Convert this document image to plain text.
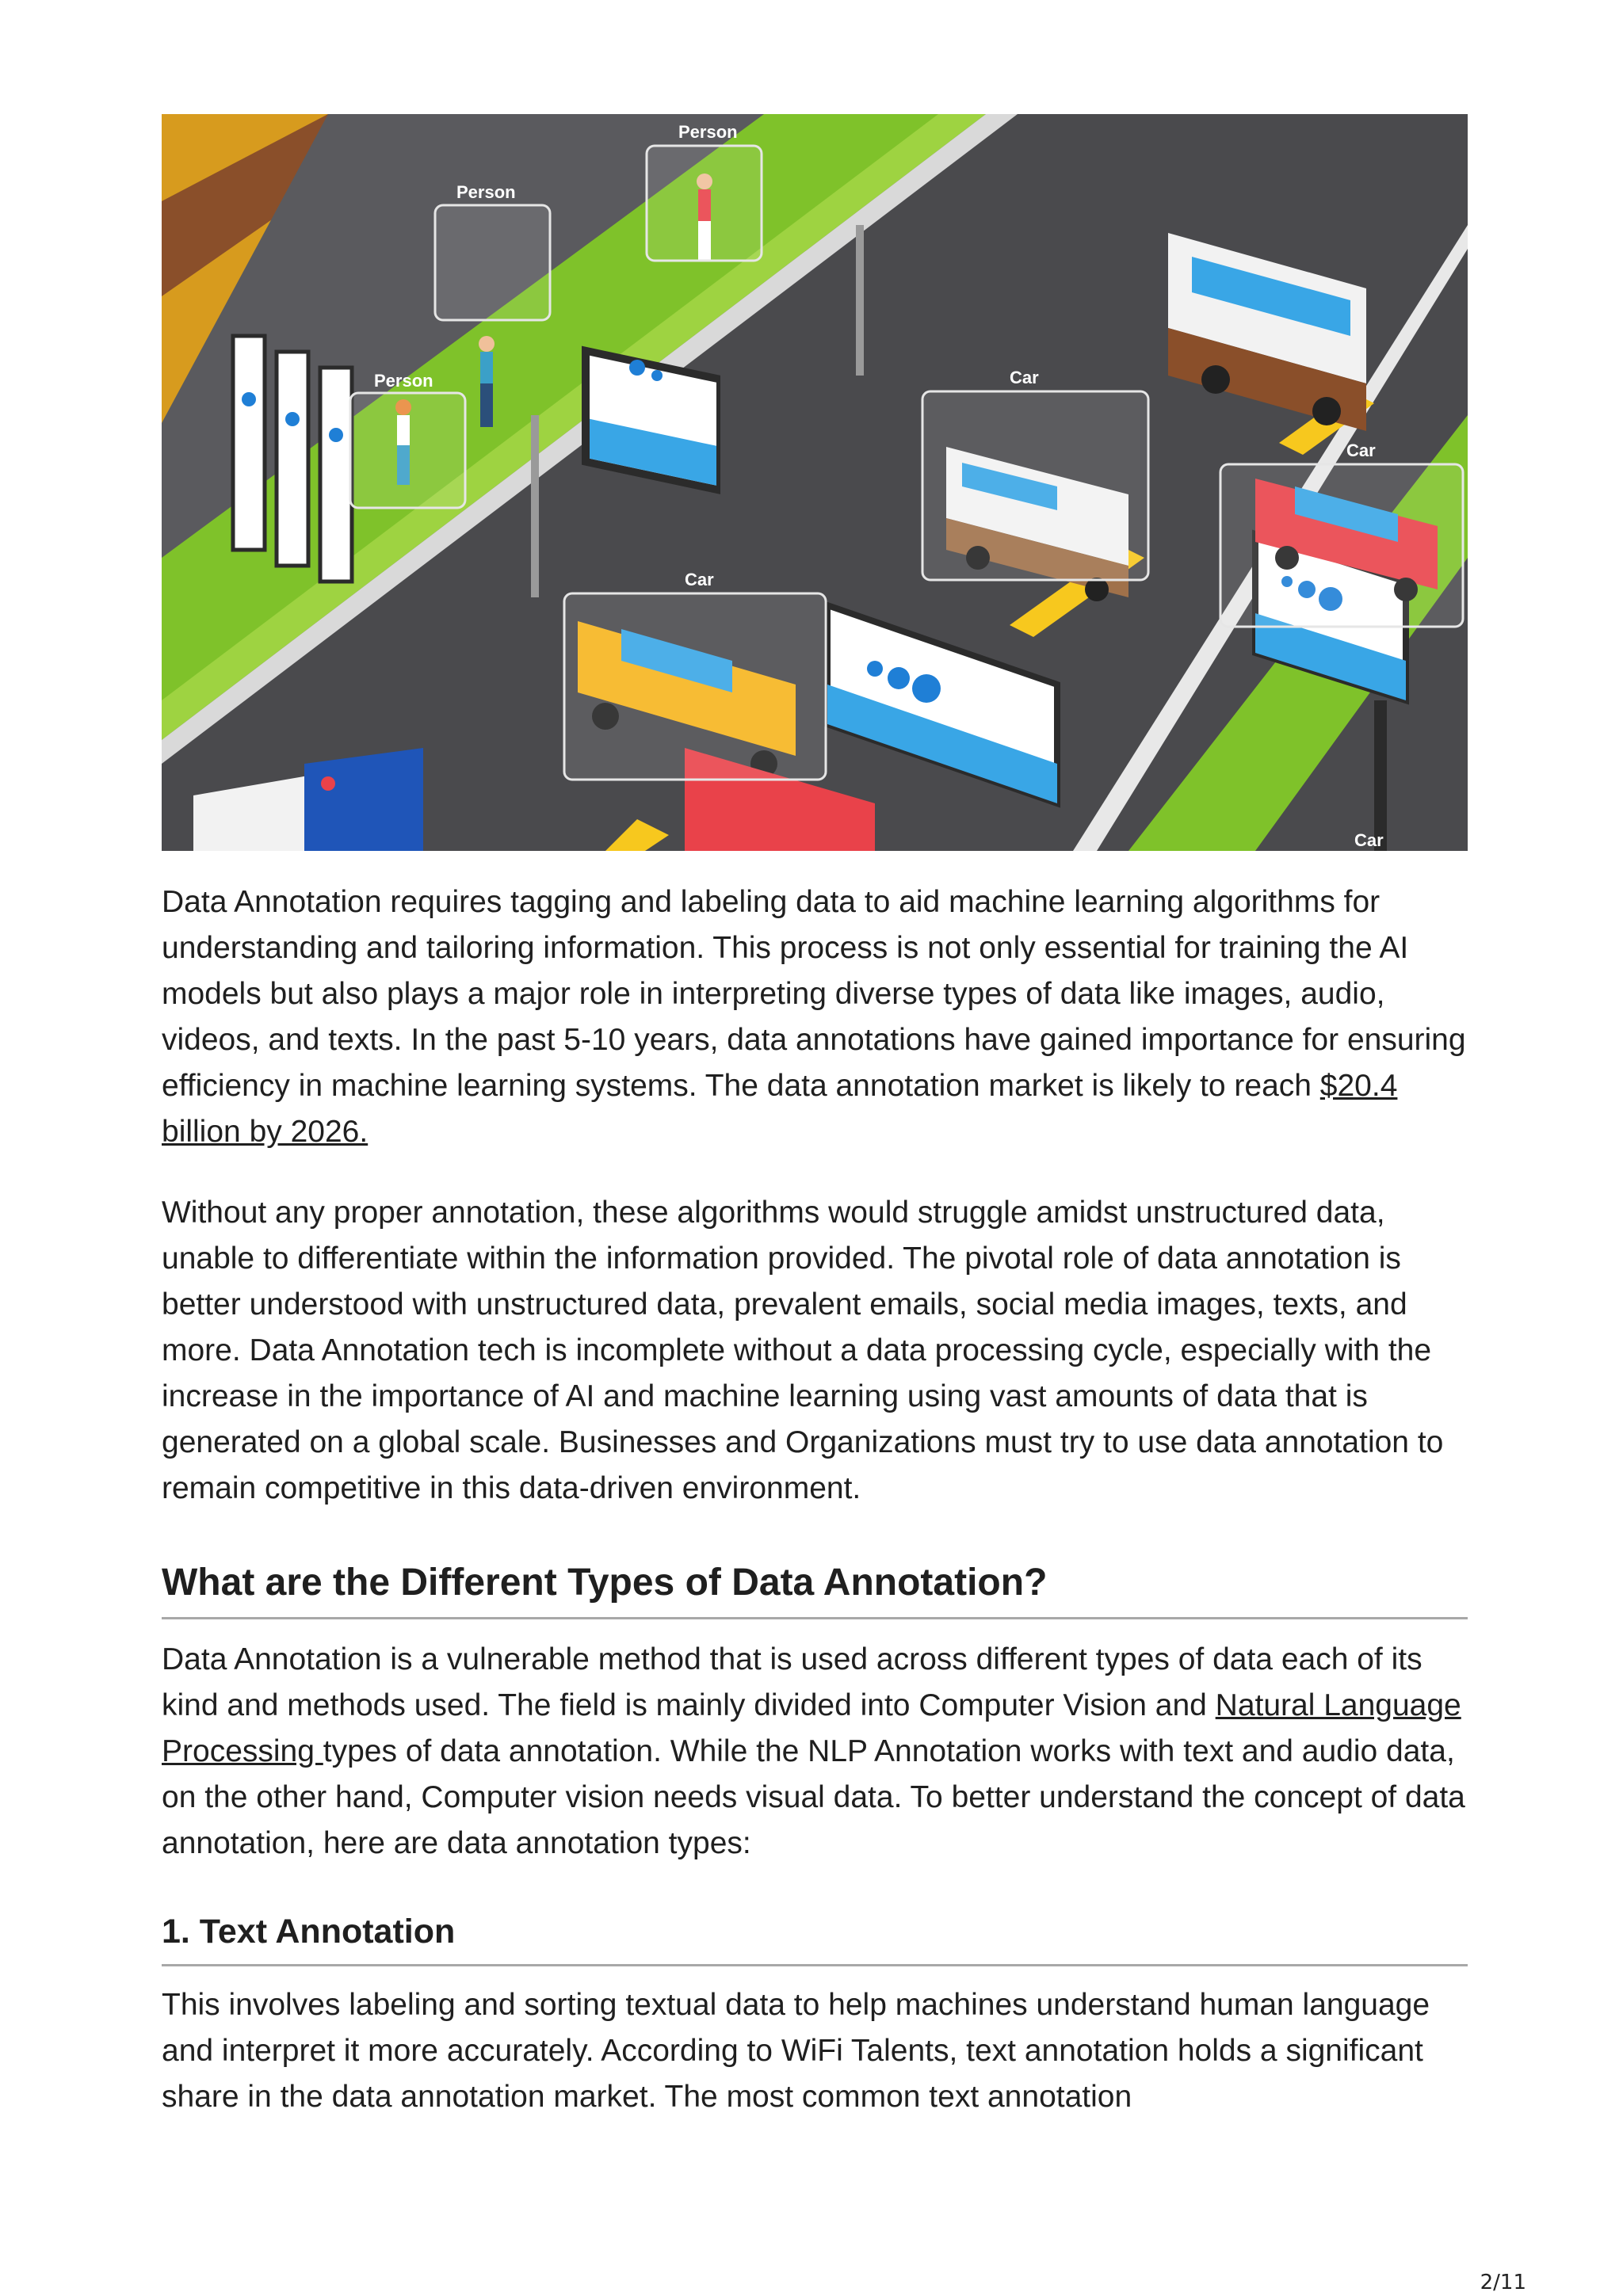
Person
Person
Person	Car
Car
Car
Car

Data Annotation requires tagging and labeling data to aid machine learning algorithms for understanding and tailoring information. This process is not only essential for training the AI models but also plays a major role in interpreting diverse types of data like images, audio, videos, and texts. In the past 5-10 years, data annotations have gained importance for ensuring efficiency in machine learning systems. The data annotation market is likely to reach $20.4 billion by 2026.

Without any proper annotation, these algorithms would struggle amidst unstructured data, unable to differentiate within the information provided. The pivotal role of data annotation is better understood with unstructured data, prevalent emails, social media images, texts, and more. Data Annotation tech is incomplete without a data processing cycle, especially with the increase in the importance of AI and machine learning using vast amounts of data that is generated on a global scale. Businesses and Organizations must try to use data annotation to remain competitive in this data-driven environment.

What are the Different Types of Data Annotation?

Data Annotation is a vulnerable method that is used across different types of data each of its kind and methods used. The field is mainly divided into Computer Vision and Natural Language Processing types of data annotation. While the NLP Annotation works with text and audio data, on the other hand, Computer vision needs visual data. To better understand the concept of data annotation, here are data annotation types:

1. Text Annotation

This involves labeling and sorting textual data to help machines understand human language and interpret it more accurately. According to WiFi Talents, text annotation holds a significant share in the data annotation market. The most common text annotation

2/11
